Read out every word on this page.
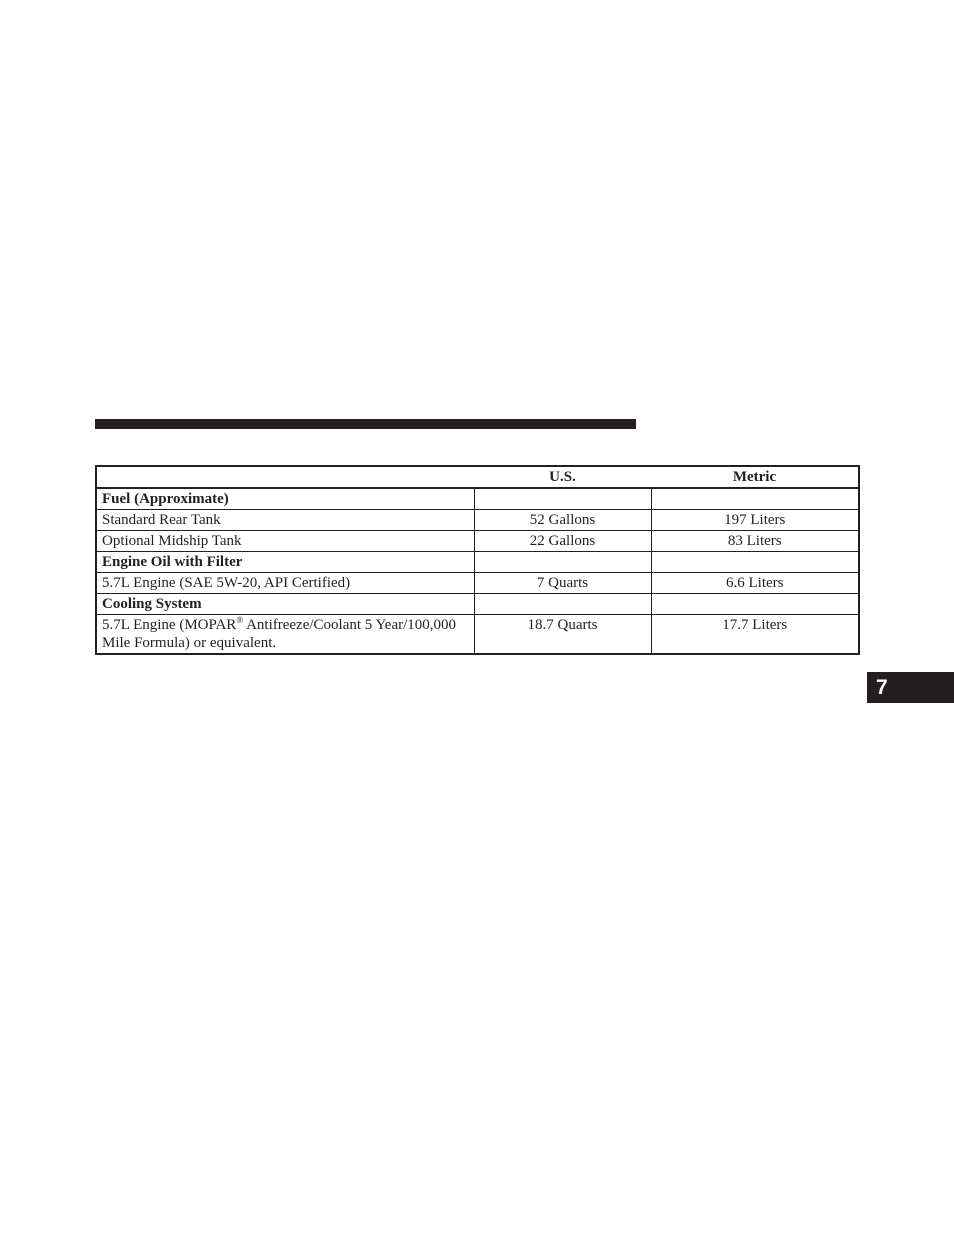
	U.S.	Metric
Fuel (Approximate)		
Standard Rear Tank	52 Gallons	197 Liters
Optional Midship Tank	22 Gallons	83 Liters
Engine Oil with Filter		
5.7L Engine (SAE 5W-20, API Certified)	7 Quarts	6.6 Liters
Cooling System		
5.7L Engine (MOPAR® Antifreeze/Coolant 5 Year/100,000 Mile Formula) or equivalent.	18.7 Quarts	17.7 Liters
7
